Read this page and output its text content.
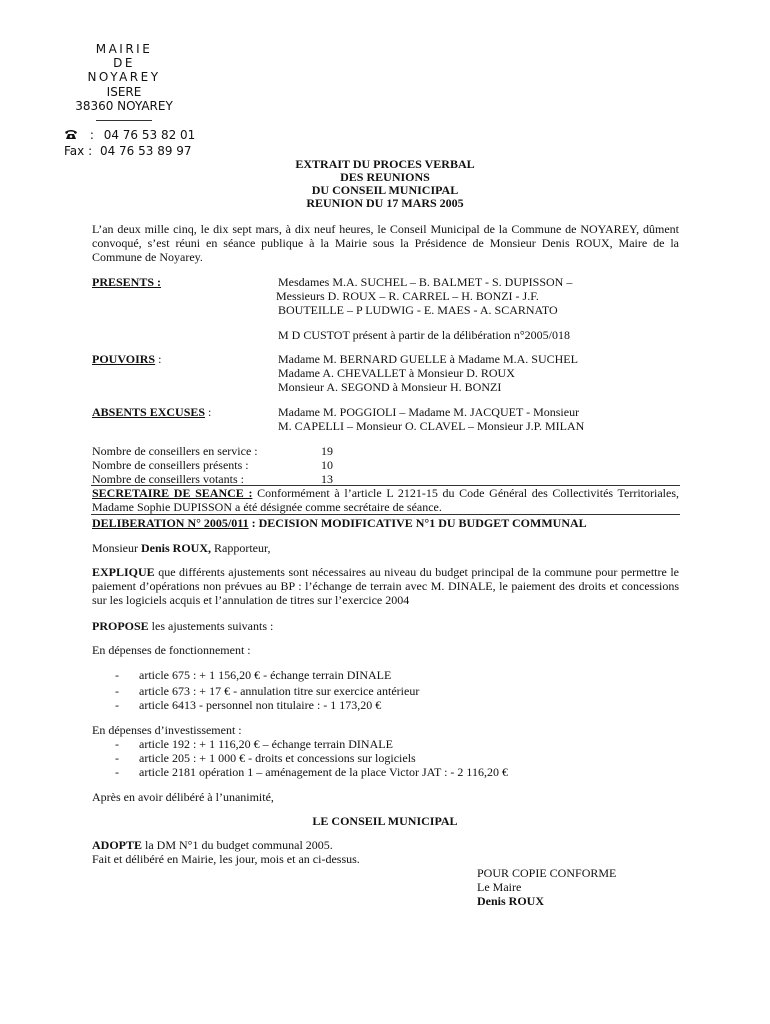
MAIRIE
DE
NOYAREY
ISERE
38360 NOYAREY
: 04 76 53 82 01
Fax : 04 76 53 89 97
EXTRAIT DU PROCES VERBAL
DES REUNIONS
DU CONSEIL MUNICIPAL
REUNION DU 17 MARS 2005
L’an deux mille cinq, le dix sept mars, à dix neuf heures, le Conseil Municipal de la Commune de NOYAREY, dûment convoqué, s’est réuni en séance publique à la Mairie sous la Présidence de Monsieur Denis ROUX, Maire de la Commune de Noyarey.
PRESENTS :	Mesdames M.A. SUCHEL – B. BALMET - S. DUPISSON –
Messieurs D. ROUX – R. CARREL – H. BONZI - J.F.
BOUTEILLE – P LUDWIG - E. MAES - A. SCARNATO
M D CUSTOT présent à partir de la délibération n°2005/018
POUVOIRS :	Madame M. BERNARD GUELLE à Madame M.A. SUCHEL
Madame A. CHEVALLET à Monsieur D. ROUX
Monsieur A. SEGOND à Monsieur H. BONZI
ABSENTS EXCUSES :	Madame M. POGGIOLI – Madame M. JACQUET - Monsieur
M. CAPELLI – Monsieur O. CLAVEL – Monsieur J.P. MILAN
Nombre de conseillers en service :	19
Nombre de conseillers présents :	10
Nombre de conseillers votants :	13
SECRETAIRE DE SEANCE : Conformément à l’article L 2121-15 du Code Général des Collectivités Territoriales, Madame Sophie DUPISSON a été désignée comme secrétaire de séance.
DELIBERATION N° 2005/011 : DECISION MODIFICATIVE N°1 DU BUDGET COMMUNAL
Monsieur Denis ROUX, Rapporteur,
EXPLIQUE que différents ajustements sont nécessaires au niveau du budget principal de la commune pour permettre le paiement d’opérations non prévues au BP : l’échange de terrain avec M. DINALE, le paiement des droits et concessions sur les logiciels acquis et l’annulation de titres sur l’exercice 2004
PROPOSE les ajustements suivants :
En dépenses de fonctionnement :
- article 675 : + 1 156,20 € - échange terrain DINALE
- article 673 : + 17 € - annulation titre sur exercice antérieur
- article 6413 - personnel non titulaire : - 1 173,20 €
En dépenses d’investissement :
- article 192 : + 1 116,20 € – échange terrain DINALE
- article 205 : + 1 000 € - droits et concessions sur logiciels
- article 2181 opération 1 – aménagement de la place Victor JAT : - 2 116,20 €
Après en avoir délibéré à l’unanimité,
LE CONSEIL MUNICIPAL
ADOPTE la DM N°1 du budget communal 2005.
Fait et délibéré en Mairie, les jour, mois et an ci-dessus.
POUR COPIE CONFORME
Le Maire
Denis ROUX
